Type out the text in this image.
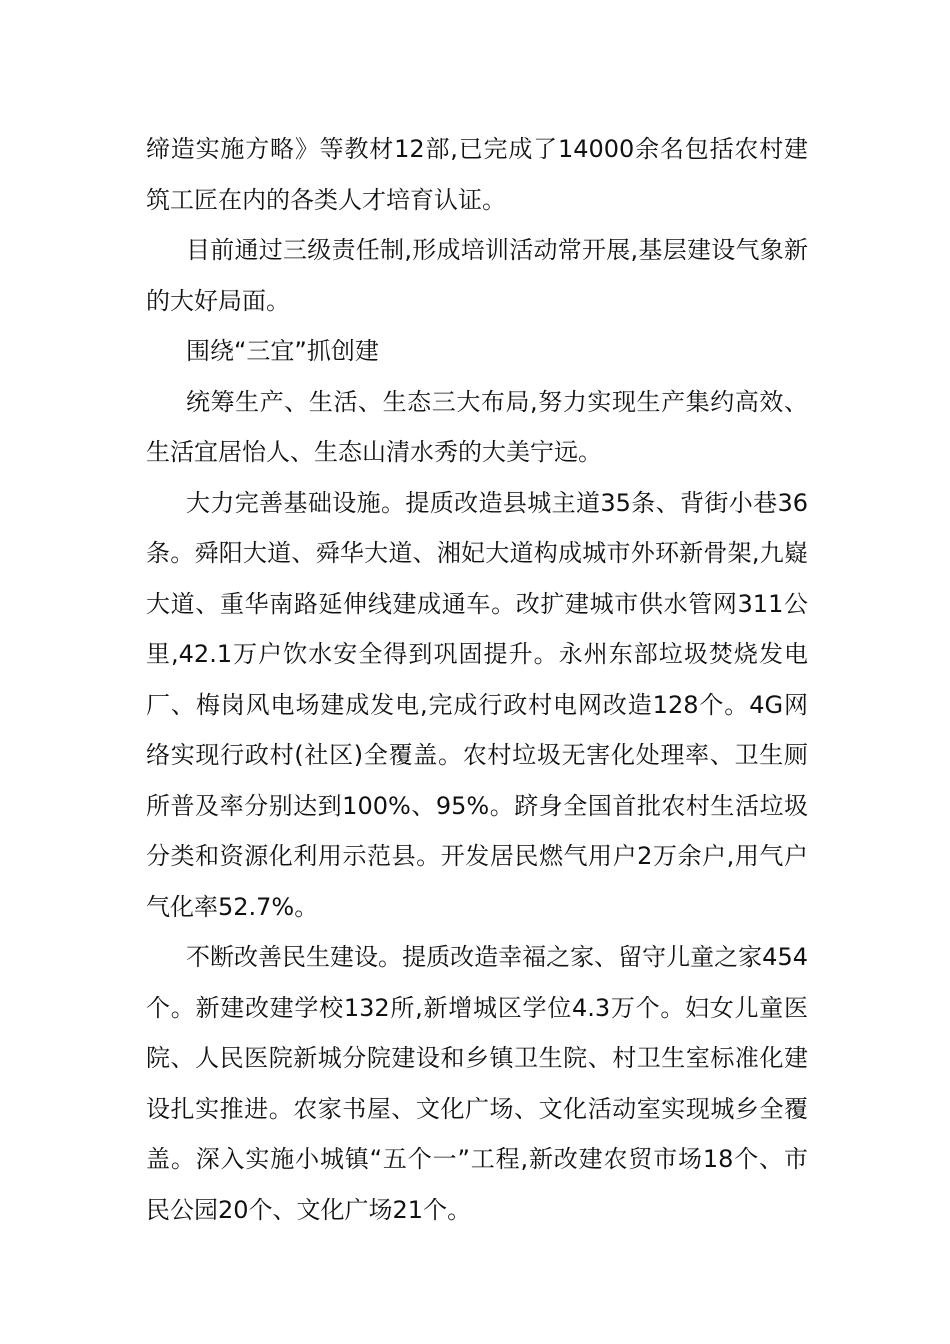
缔造实施方略》等教材12部,已完成了14000余名包括农村建筑工匠在内的各类人才培育认证。

目前通过三级责任制,形成培训活动常开展,基层建设气象新的大好局面。

围绕“三宜”抓创建

统筹生产、生活、生态三大布局,努力实现生产集约高效、生活宜居怡人、生态山清水秀的大美宁远。

大力完善基础设施。提质改造县城主道35条、背街小巷36条。舜阳大道、舜华大道、湘妃大道构成城市外环新骨架,九嶷大道、重华南路延伸线建成通车。改扩建城市供水管网311公里,42.1万户饮水安全得到巩固提升。永州东部垃圾焚烧发电厂、梅岗风电场建成发电,完成行政村电网改造128个。4G网络实现行政村(社区)全覆盖。农村垃圾无害化处理率、卫生厕所普及率分别达到100%、95%。跻身全国首批农村生活垃圾分类和资源化利用示范县。开发居民燃气用户2万余户,用气户气化率52.7%。

不断改善民生建设。提质改造幸福之家、留守儿童之家454个。新建改建学校132所,新增城区学位4.3万个。妇女儿童医院、人民医院新城分院建设和乡镇卫生院、村卫生室标准化建设扎实推进。农家书屋、文化广场、文化活动室实现城乡全覆盖。深入实施小城镇“五个一”工程,新改建农贸市场18个、市民公园20个、文化广场21个。
